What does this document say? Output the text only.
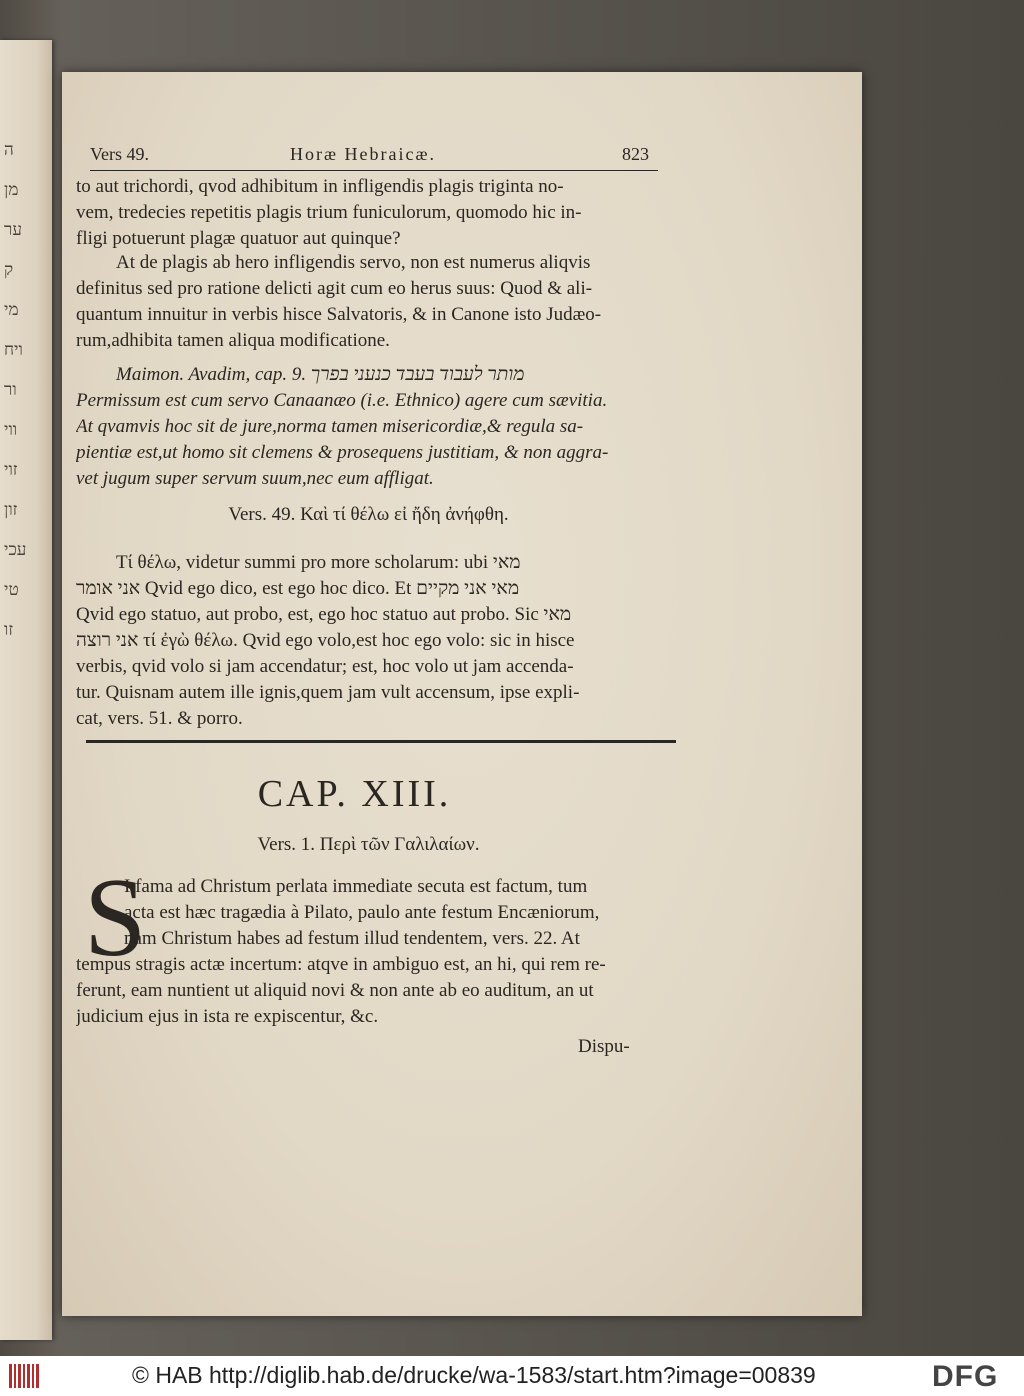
ה
מן
ער
ק
מי
ויח
ור
ווי
זוי
זון
עכי
טי
זו
Vers 49.	Horæ Hebraicæ.	823
to aut trichordi, qvod adhibitum in infligendis plagis triginta no-
vem, tredecies repetitis plagis trium funiculorum, quomodo hic in-
fligi potuerunt plagæ quatuor aut quinque?
At de plagis ab hero infligendis servo, non est numerus aliqvis
definitus sed pro ratione delicti agit cum eo herus suus: Quod & ali-
quantum innuitur in verbis hisce Salvatoris, & in Canone isto Judæo-
rum,adhibita tamen aliqua modificatione.
Maimon. Avadim, cap. 9. מותר לעבוד בעבד כנעני בפרך
Permissum est cum servo Canaanæo (i.e. Ethnico) agere cum sævitia.
At qvamvis hoc sit de jure,norma tamen misericordiæ,& regula sa-
pientiæ est,ut homo sit clemens & prosequens justitiam, & non aggra-
vet jugum super servum suum,nec eum affligat.
Τί θέλω, videtur summi pro more scholarum: ubi מאי
אני אומר Qvid ego dico, est ego hoc dico. Et מאי אני מקיים
Qvid ego statuo, aut probo, est, ego hoc statuo aut probo. Sic מאי
אני רוצה τί ἐγὼ θέλω. Qvid ego volo,est hoc ego volo: sic in hisce
verbis, qvid volo si jam accendatur; est, hoc volo ut jam accenda-
tur. Quisnam autem ille ignis,quem jam vult accensum, ipse expli-
cat, vers. 51. & porro.
I fama ad Christum perlata immediate secuta est factum, tum
acta est hæc tragædia à Pilato, paulo ante festum Encæniorum,
nam Christum habes ad festum illud tendentem, vers. 22. At
tempus stragis actæ incertum: atqve in ambiguo est, an hi, qui rem re-
ferunt, eam nuntient ut aliquid novi & non ante ab eo auditum, an ut
judicium ejus in ista re expiscentur, &c.
Vers. 49. Καὶ τί θέλω εἰ ἤδη ἀνήφθη.
Vers. 1. Περὶ τῶν Γαλιλαίων.
CAP. XIII.
S
Dispu-
© HAB http://diglib.hab.de/drucke/wa-1583/start.htm?image=00839	DFG
